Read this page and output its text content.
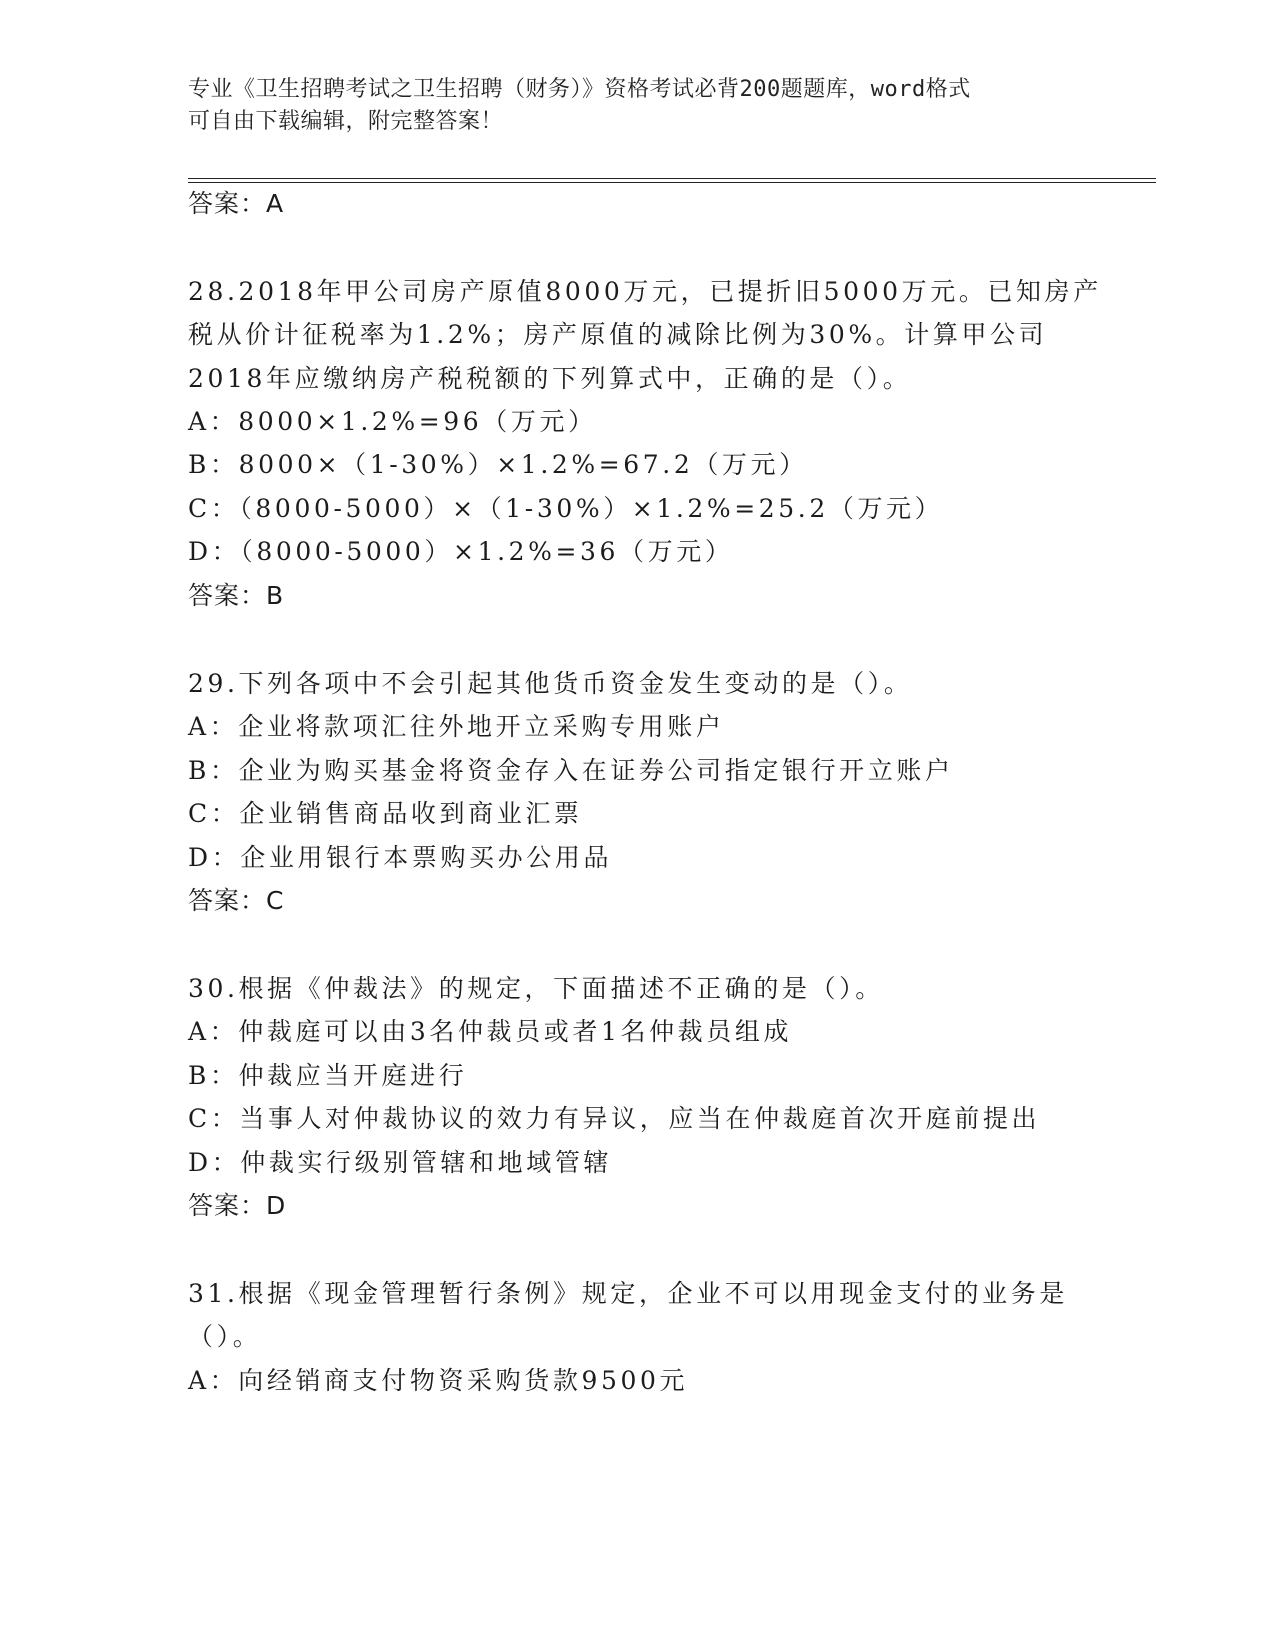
专业《卫生招聘考试之卫生招聘（财务）》资格考试必背200题题库，word格式
可自由下载编辑，附完整答案！
答案：A
28.2018年甲公司房产原值8000万元，已提折旧5000万元。已知房产
税从价计征税率为1.2%；房产原值的减除比例为30%。计算甲公司
2018年应缴纳房产税税额的下列算式中，正确的是（）。
A：8000×1.2%=96（万元）
B：8000×（1-30%）×1.2%=67.2（万元）
C：（8000-5000）×（1-30%）×1.2%=25.2（万元）
D：（8000-5000）×1.2%=36（万元）
答案：B
29.下列各项中不会引起其他货币资金发生变动的是（）。
A：企业将款项汇往外地开立采购专用账户
B：企业为购买基金将资金存入在证券公司指定银行开立账户
C：企业销售商品收到商业汇票
D：企业用银行本票购买办公用品
答案：C
30.根据《仲裁法》的规定，下面描述不正确的是（）。
A：仲裁庭可以由3名仲裁员或者1名仲裁员组成
B：仲裁应当开庭进行
C：当事人对仲裁协议的效力有异议，应当在仲裁庭首次开庭前提出
D：仲裁实行级别管辖和地域管辖
答案：D
31.根据《现金管理暂行条例》规定，企业不可以用现金支付的业务是
（）。
A：向经销商支付物资采购货款9500元
